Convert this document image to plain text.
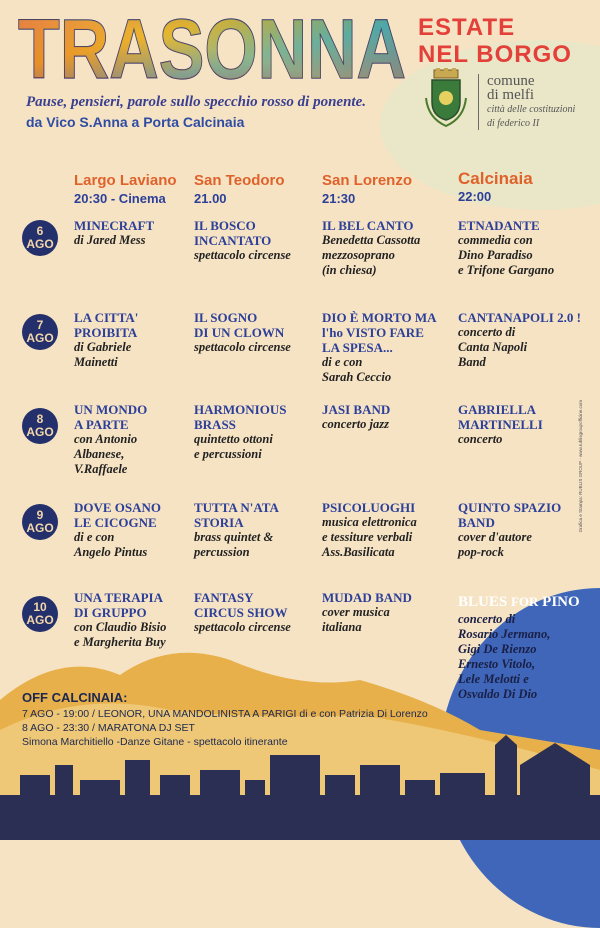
TRASONNA
TRASONNA ESTATE
NEL BORGO
comune
di melfi
città delle costituzioni
di federico II
Pause, pensieri, parole sullo specchio rosso di ponente.
da Vico S.Anna a Porta Calcinaia
Largo Laviano
20:30 - Cinema
San Teodoro
21.00
San Lorenzo
21:30
Calcinaia
22:00
6
AGO
7
AGO
8
AGO
9
AGO
10
AGO
MINECRAFT
di Jared Mess
IL BOSCO
INCANTATO
spettacolo circense
IL BEL CANTO
Benedetta Cassotta
mezzosoprano
(in chiesa)
ETNADANTE
commedia con
Dino Paradiso
e Trifone Gargano
LA CITTA'
PROIBITA
di Gabriele
Mainetti
IL SOGNO
DI UN CLOWN
spettacolo circense
DIO È MORTO MA
l'ho VISTO FARE
LA SPESA...
di e con
Sarah Ceccio
CANTANAPOLI 2.0 !
concerto di
Canta Napoli
Band
UN MONDO
A PARTE
con Antonio
Albanese,
V.Raffaele
HARMONIOUS
BRASS
quintetto ottoni
e percussioni
JASI BAND
concerto jazz
GABRIELLA
MARTINELLI
concerto
DOVE OSANO
LE CICOGNE
di e con
Angelo Pintus
TUTTA N'ATA
STORIA
brass quintet &
percussion
PSICOLUOGHI
musica elettronica
e tessiture verbali
Ass.Basilicata
QUINTO SPAZIO
BAND
cover d'autore
pop-rock
UNA TERAPIA
DI GRUPPO
con Claudio Bisio
e Margherita Buy
FANTASY
CIRCUS SHOW
spettacolo circense
MUDAD BAND
cover musica
italiana
BLUES FOR PINO
concerto di
Rosario Jermano,
Gigi De Rienzo
Ernesto Vitolo,
Lele Melotti e
Osvaldo Di Dio
OFF CALCINAIA:
7 AGO - 19:00 / LEONOR, UNA MANDOLINISTA A PARIGI di e con Patrizia Di Lorenzo
8 AGO - 23:30 / MARATONA DJ SET
Simona Marchitiello -Danze Gitane - spettacolo itinerante
Grafica e Stampa: RUBLIS GROUP - www.rublisgroupofficine.com
